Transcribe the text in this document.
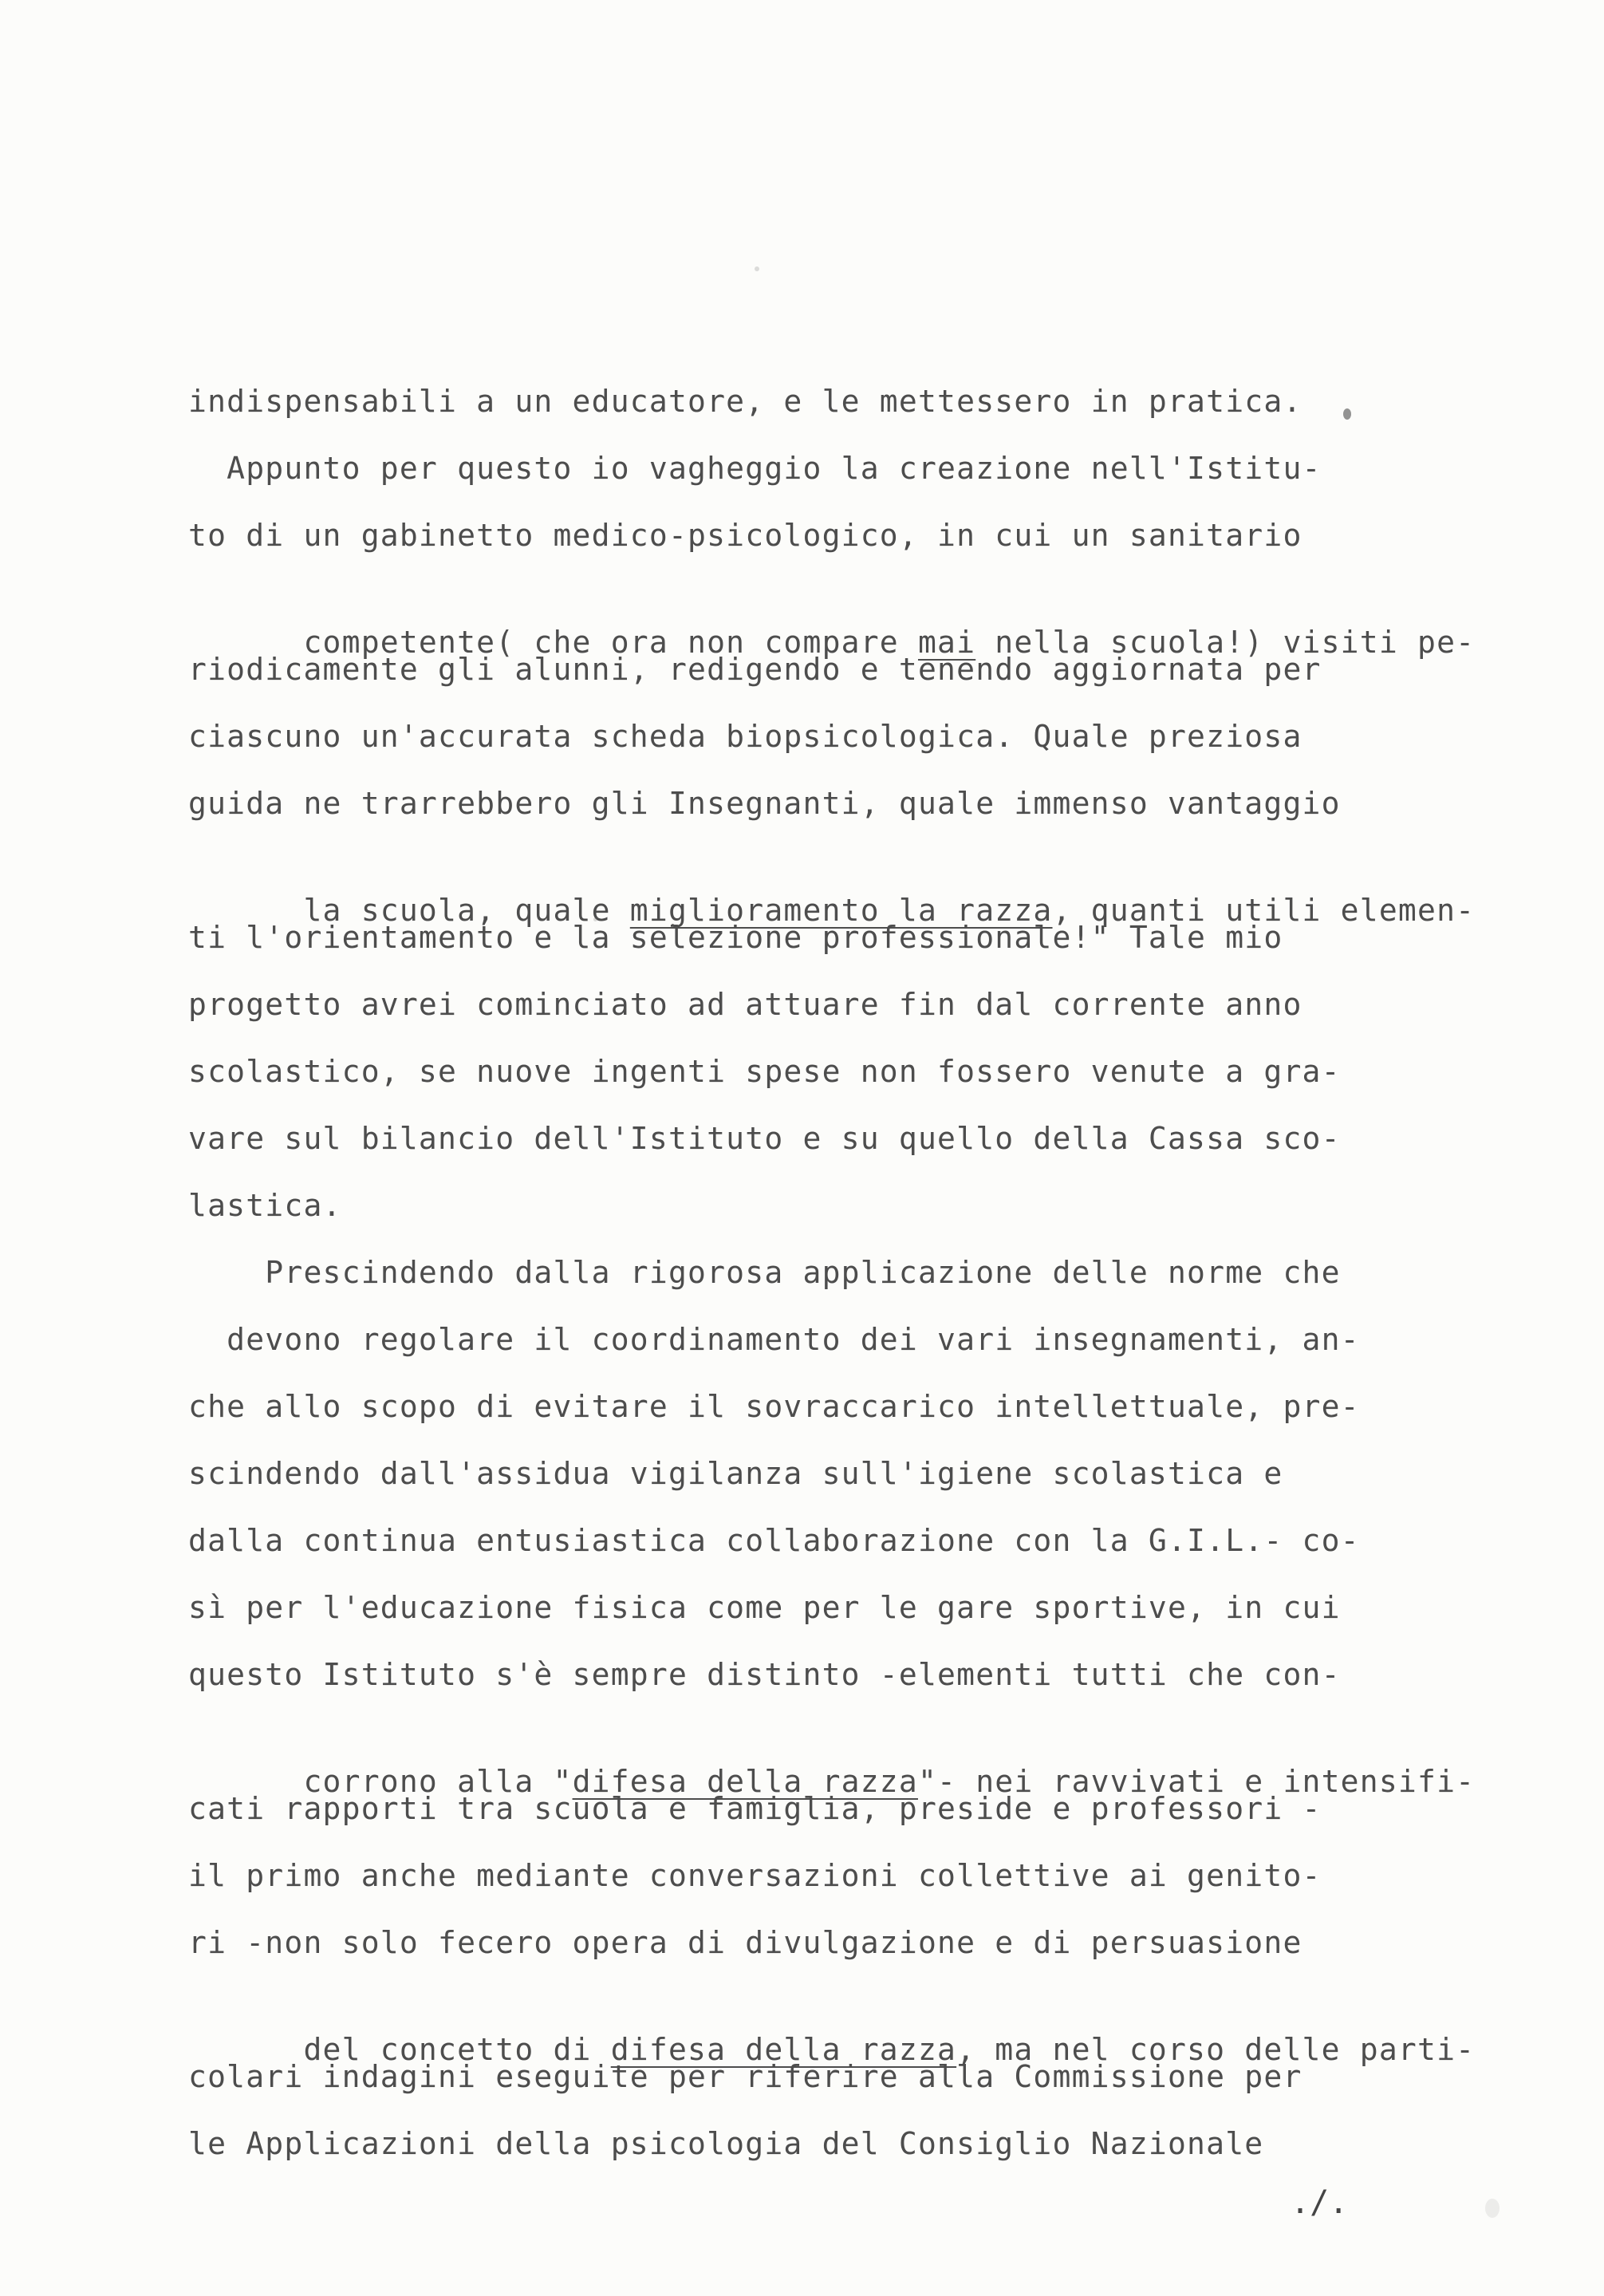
indispensabili a un educatore, e le mettessero in pratica.
Appunto per questo io vagheggio la creazione nell'Istitu-
to di un gabinetto medico-psicologico, in cui un sanitario

competente( che ora non compare mai nella scuola!) visiti pe-

riodicamente gli alunni, redigendo e tenendo aggiornata per
ciascuno un'accurata scheda biopsicologica. Quale preziosa
guida ne trarrebbero gli Insegnanti, quale immenso vantaggio

la scuola, quale miglioramento la razza, quanti utili elemen-

ti l'orientamento e la selezione professionale!" Tale mio
progetto avrei cominciato ad attuare fin dal corrente anno
scolastico, se nuove ingenti spese non fossero venute a gra-
vare sul bilancio dell'Istituto e su quello della Cassa sco-
lastica.
Prescindendo dalla rigorosa applicazione delle norme che
devono regolare il coordinamento dei vari insegnamenti, an-
che allo scopo di evitare il sovraccarico intellettuale, pre-
scindendo dall'assidua vigilanza sull'igiene scolastica e
dalla continua entusiastica collaborazione con la G.I.L.- co-
sì per l'educazione fisica come per le gare sportive, in cui
questo Istituto s'è sempre distinto -elementi tutti che con-

corrono alla "difesa della razza"- nei ravvivati e intensifi-

cati rapporti tra scuola e famiglia, preside e professori -
il primo anche mediante conversazioni collettive ai genito-
ri -non solo fecero opera di divulgazione e di persuasione

del concetto di difesa della razza, ma nel corso delle parti-

colari indagini eseguite per riferire alla Commissione per
le Applicazioni della psicologia del Consiglio Nazionale
./.
